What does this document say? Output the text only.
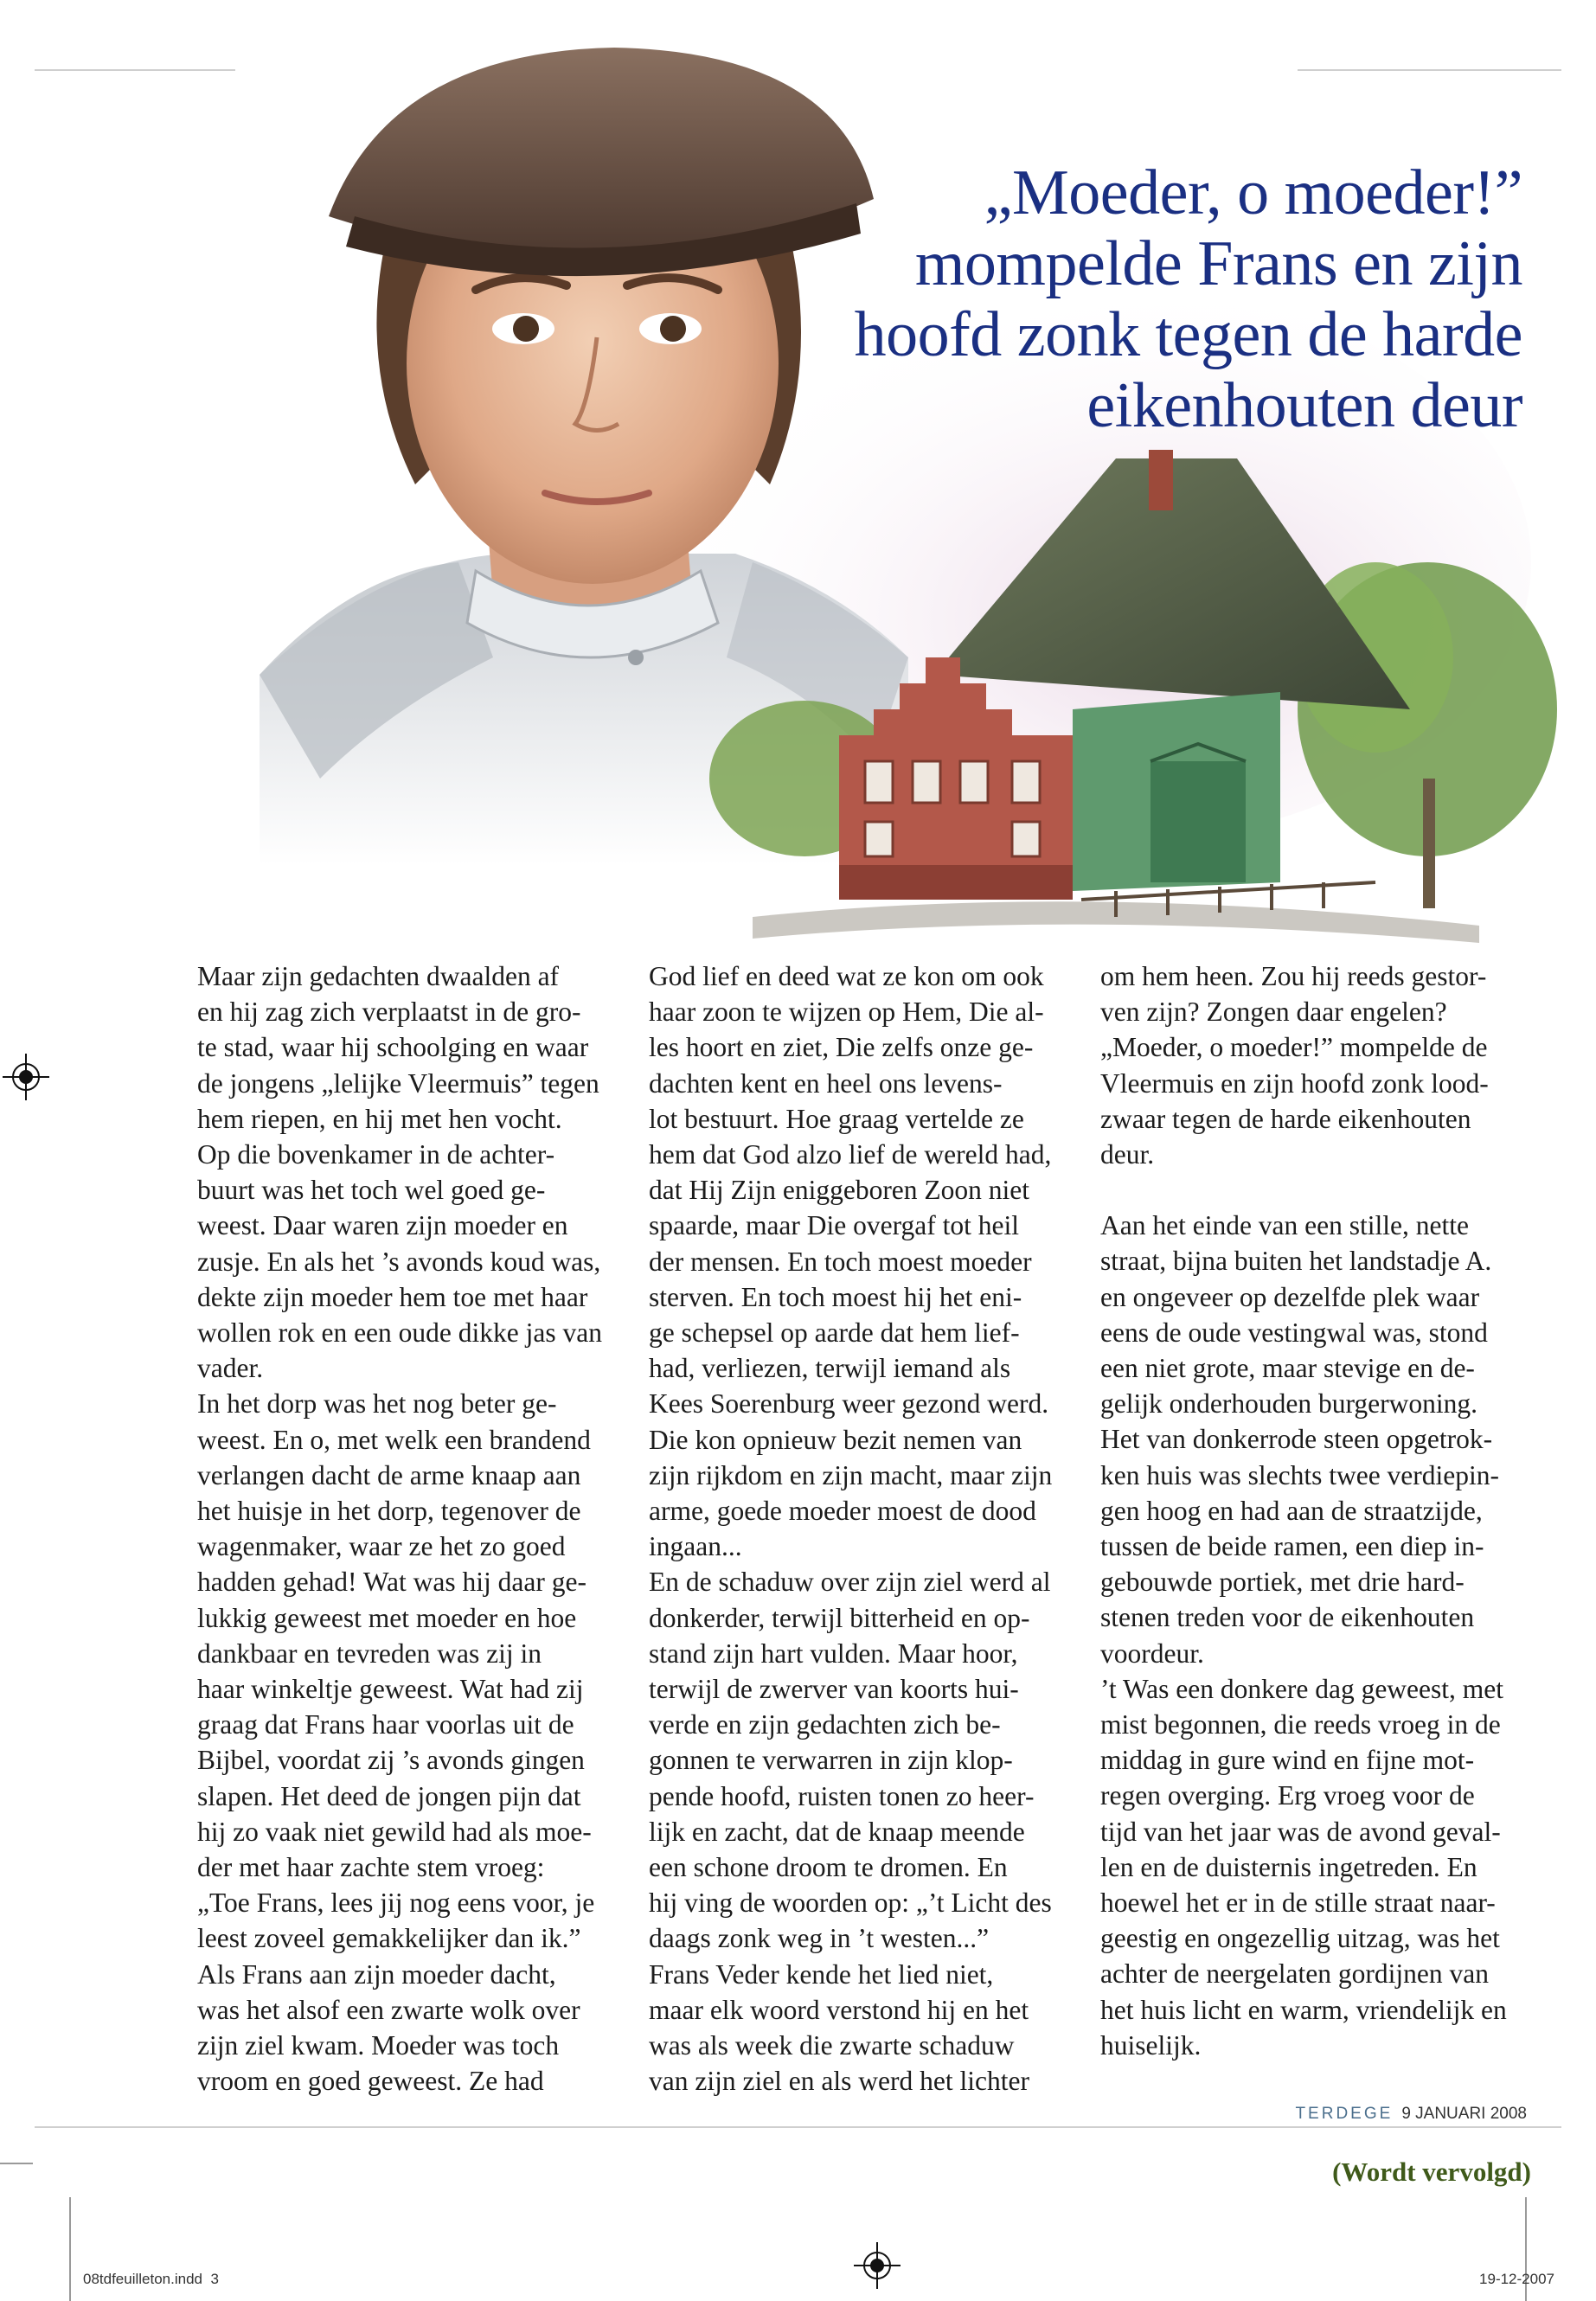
„Moeder, o moeder!”
mompelde Frans en zijn
hoofd zonk tegen de harde
eikenhouten deur
Maar zijn gedachten dwaalden af
en hij zag zich verplaatst in de gro-
te stad, waar hij schoolging en waar
de jongens „lelijke Vleermuis” tegen
hem riepen, en hij met hen vocht.
Op die bovenkamer in de achter-
buurt was het toch wel goed ge-
weest. Daar waren zijn moeder en
zusje. En als het ’s avonds koud was,
dekte zijn moeder hem toe met haar
wollen rok en een oude dikke jas van
vader.
In het dorp was het nog beter ge-
weest. En o, met welk een brandend
verlangen dacht de arme knaap aan
het huisje in het dorp, tegenover de
wagenmaker, waar ze het zo goed
hadden gehad! Wat was hij daar ge-
lukkig geweest met moeder en hoe
dankbaar en tevreden was zij in
haar winkeltje geweest. Wat had zij
graag dat Frans haar voorlas uit de
Bijbel, voordat zij ’s avonds gingen
slapen. Het deed de jongen pijn dat
hij zo vaak niet gewild had als moe-
der met haar zachte stem vroeg:
„Toe Frans, lees jij nog eens voor, je
leest zoveel gemakkelijker dan ik.”
Als Frans aan zijn moeder dacht,
was het alsof een zwarte wolk over
zijn ziel kwam. Moeder was toch
vroom en goed geweest. Ze had
God lief en deed wat ze kon om ook
haar zoon te wijzen op Hem, Die al-
les hoort en ziet, Die zelfs onze ge-
dachten kent en heel ons levens-
lot bestuurt. Hoe graag vertelde ze
hem dat God alzo lief de wereld had,
dat Hij Zijn eniggeboren Zoon niet
spaarde, maar Die overgaf tot heil
der mensen. En toch moest moeder
sterven. En toch moest hij het eni-
ge schepsel op aarde dat hem lief-
had, verliezen, terwijl iemand als
Kees Soerenburg weer gezond werd.
Die kon opnieuw bezit nemen van
zijn rijkdom en zijn macht, maar zijn
arme, goede moeder moest de dood
ingaan...
En de schaduw over zijn ziel werd al
donkerder, terwijl bitterheid en op-
stand zijn hart vulden. Maar hoor,
terwijl de zwerver van koorts hui-
verde en zijn gedachten zich be-
gonnen te verwarren in zijn klop-
pende hoofd, ruisten tonen zo heer-
lijk en zacht, dat de knaap meende
een schone droom te dromen. En
hij ving de woorden op: „’t Licht des
daags zonk weg in ’t westen...”
Frans Veder kende het lied niet,
maar elk woord verstond hij en het
was als week die zwarte schaduw
van zijn ziel en als werd het lichter
om hem heen. Zou hij reeds gestor-
ven zijn? Zongen daar engelen?
„Moeder, o moeder!” mompelde de
Vleermuis en zijn hoofd zonk lood-
zwaar tegen de harde eikenhouten
deur.
Aan het einde van een stille, nette
straat, bijna buiten het landstadje A.
en ongeveer op dezelfde plek waar
eens de oude vestingwal was, stond
een niet grote, maar stevige en de-
gelijk onderhouden burgerwoning.
Het van donkerrode steen opgetrok-
ken huis was slechts twee verdiepin-
gen hoog en had aan de straatzijde,
tussen de beide ramen, een diep in-
gebouwde portiek, met drie hard-
stenen treden voor de eikenhouten
voordeur.
’t Was een donkere dag geweest, met
mist begonnen, die reeds vroeg in de
middag in gure wind en fijne mot-
regen overging. Erg vroeg voor de
tijd van het jaar was de avond geval-
len en de duisternis ingetreden. En
hoewel het er in de stille straat naar-
geestig en ongezellig uitzag, was het
achter de neergelaten gordijnen van
het huis licht en warm, vriendelijk en
huiselijk.
(Wordt vervolgd)
TERDEGE 9 JANUARI 2008
08tdfeuilleton.indd 3	19-12-2007
